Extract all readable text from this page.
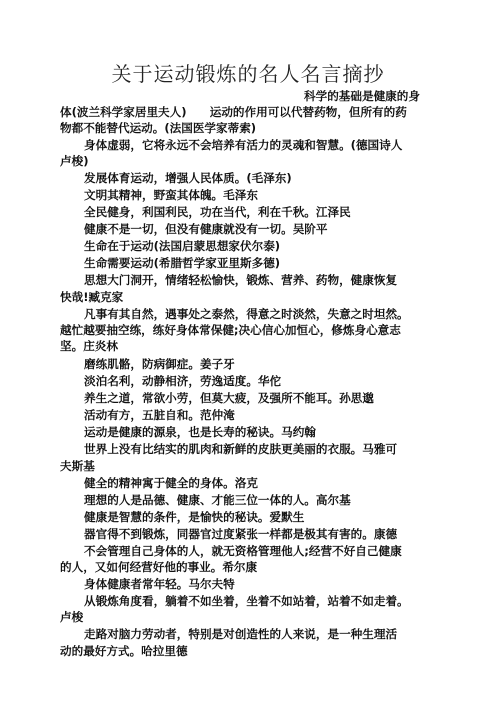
关于运动锻炼的名人名言摘抄
科学的基础是健康的身
体(波兰科学家居里夫人)　　运动的作用可以代替药物，但所有的药
物都不能替代运动。(法国医学家蒂索)
身体虚弱，它将永远不会培养有活力的灵魂和智慧。(德国诗人
卢梭)
发展体育运动，增强人民体质。(毛泽东)
文明其精神，野蛮其体魄。毛泽东
全民健身，利国利民，功在当代，利在千秋。江泽民
健康不是一切，但没有健康就没有一切。吴阶平
生命在于运动(法国启蒙思想家伏尔泰)
生命需要运动(希腊哲学家亚里斯多德)
思想大门洞开，情绪轻松愉快，锻炼、营养、药物，健康恢复
快哉!臧克家
凡事有其自然，遇事处之泰然，得意之时淡然，失意之时坦然。
越忙越要抽空练，练好身体常保健;决心信心加恒心，修炼身心意志
坚。庄炎林
磨练肌骼，防病御症。姜子牙
淡泊名利，动静相济，劳逸适度。华佗
养生之道，常欲小劳，但莫大疲，及强所不能耳。孙思邈
活动有方，五脏自和。范仲淹
运动是健康的源泉，也是长寿的秘诀。马约翰
世界上没有比结实的肌肉和新鲜的皮肤更美丽的衣服。马雅可
夫斯基
健全的精神寓于健全的身体。洛克
理想的人是品德、健康、才能三位一体的人。高尔基
健康是智慧的条件，是愉快的秘诀。爱默生
器官得不到锻炼，同器官过度紧张一样都是极其有害的。康德
不会管理自己身体的人，就无资格管理他人;经营不好自己健康
的人，又如何经营好他的事业。希尔康
身体健康者常年轻。马尔夫特
从锻炼角度看，躺着不如坐着，坐着不如站着，站着不如走着。
卢梭
走路对脑力劳动者，特别是对创造性的人来说，是一种生理活
动的最好方式。哈拉里德
